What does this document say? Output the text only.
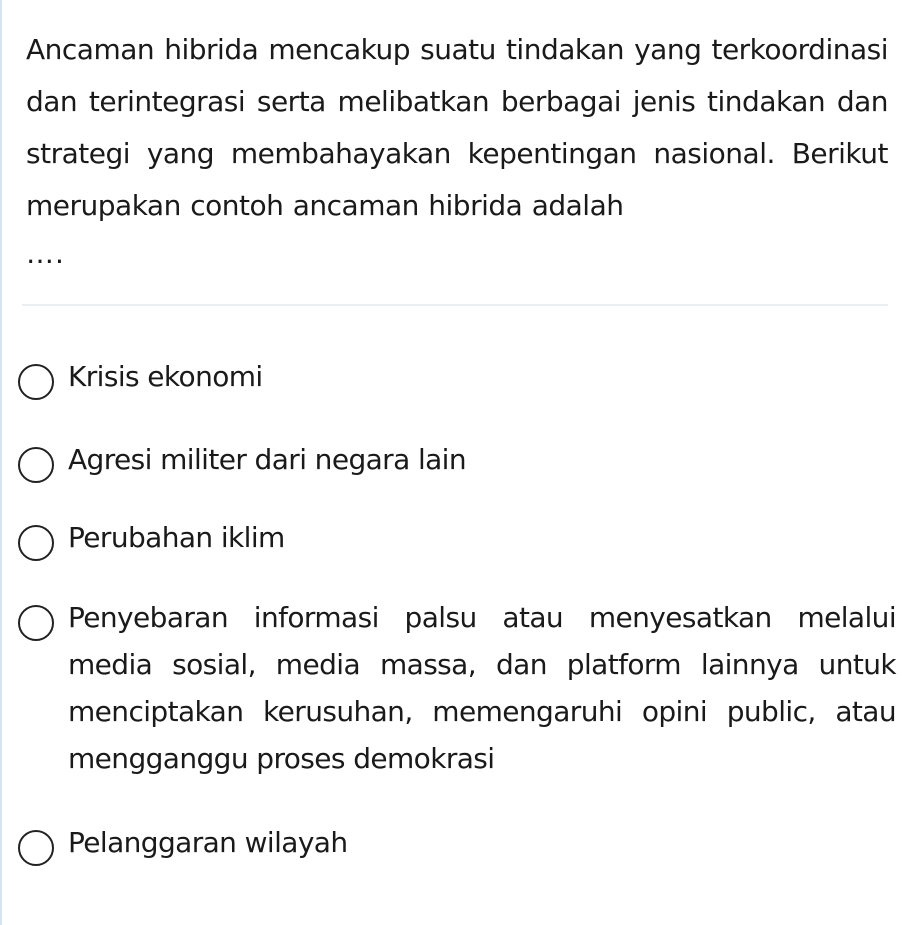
Ancaman hibrida mencakup suatu tindakan yang terkoordinasi dan terintegrasi serta melibatkan berbagai jenis tindakan dan strategi yang membahayakan kepentingan nasional. Berikut merupakan contoh ancaman hibrida adalah
….
Krisis ekonomi
Agresi militer dari negara lain
Perubahan iklim
Penyebaran informasi palsu atau menyesatkan melalui media sosial, media massa, dan platform lainnya untuk menciptakan kerusuhan, memengaruhi opini public, atau mengganggu proses demokrasi
Pelanggaran wilayah
